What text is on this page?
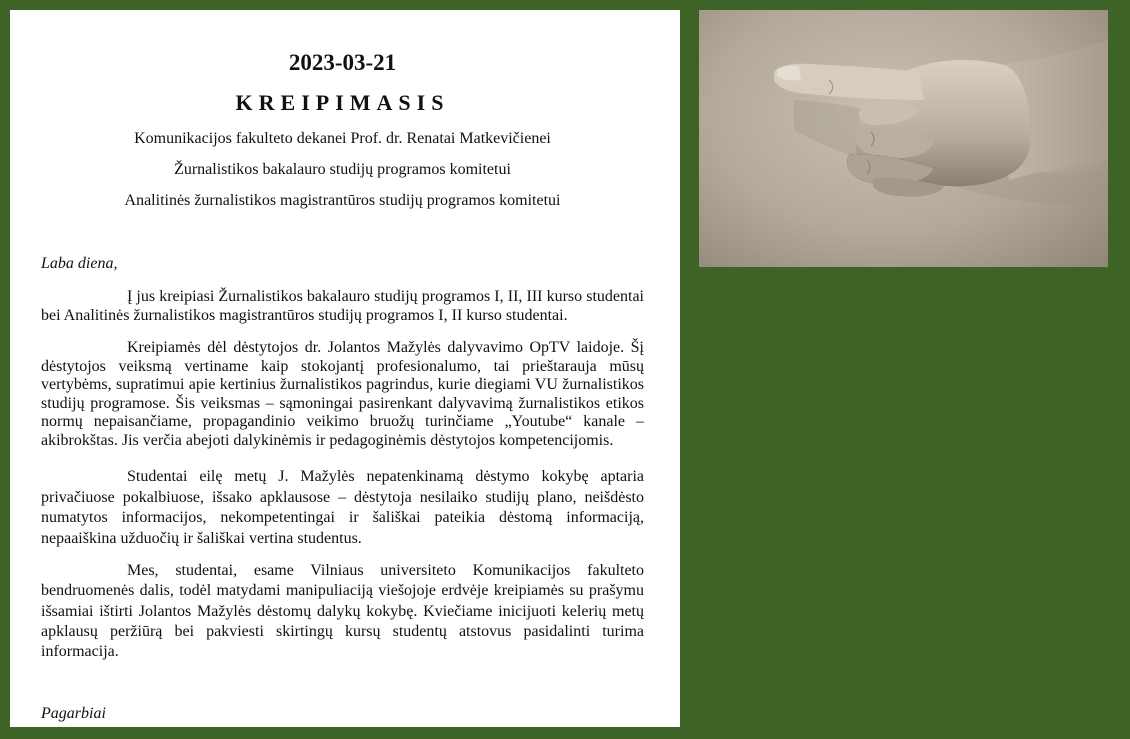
2023-03-21
KREIPIMASIS
Komunikacijos fakulteto dekanei Prof. dr. Renatai Matkevičienei
Žurnalistikos bakalauro studijų programos komitetui
Analitinės žurnalistikos magistrantūros studijų programos komitetui
Laba diena,

Į jus kreipiasi Žurnalistikos bakalauro studijų programos I, II, III kurso studentai bei Analitinės žurnalistikos magistrantūros studijų programos I, II kurso studentai.

Kreipiamės dėl dėstytojos dr. Jolantos Mažylės dalyvavimo OpTV laidoje. Šį dėstytojos veiksmą vertiname kaip stokojantį profesionalumo, tai prieštarauja mūsų vertybėms, supratimui apie kertinius žurnalistikos pagrindus, kurie diegiami VU žurnalistikos studijų programose. Šis veiksmas – sąmoningai pasirenkant dalyvavimą žurnalistikos etikos normų nepaisančiame, propagandinio veikimo bruožų turinčiame „Youtube“ kanale – akibrokštas. Jis verčia abejoti dalykinėmis ir pedagoginėmis dėstytojos kompetencijomis.

Studentai eilę metų J. Mažylės nepatenkinamą dėstymo kokybę aptaria privačiuose pokalbiuose, išsako apklausose – dėstytoja nesilaiko studijų plano, neišdėsto numatytos informacijos, nekompetentingai ir šališkai pateikia dėstomą informaciją, nepaaiškina užduočių ir šališkai vertina studentus.

Mes, studentai, esame Vilniaus universiteto Komunikacijos fakulteto bendruomenės dalis, todėl matydami manipuliaciją viešojoje erdvėje kreipiamės su prašymu išsamiai ištirti Jolantos Mažylės dėstomų dalykų kokybę. Kviečiame inicijuoti kelerių metų apklausų peržiūrą bei pakviesti skirtingų kursų studentų atstovus pasidalinti turima informacija.

Pagarbiai
